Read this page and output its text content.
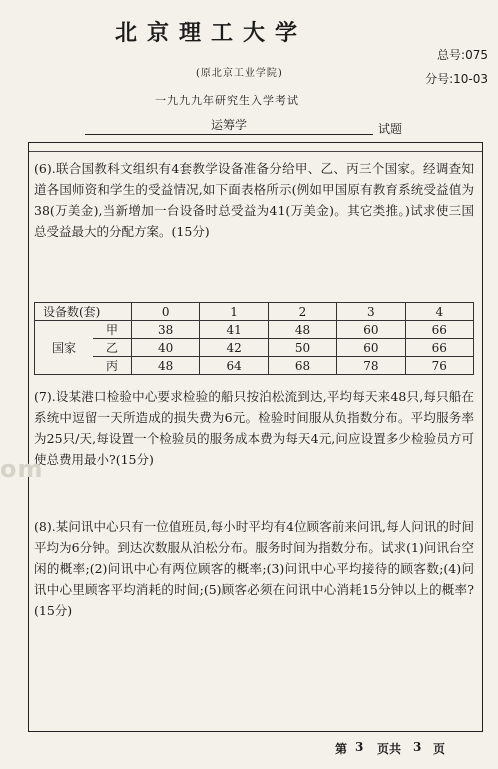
北京理工大学
(原北京工业学院)
总号:075
分号:10-03
一九九九年研究生入学考试
运筹学	试题
(6).联合国教科文组织有4套教学设备准备分给甲、乙、丙三个国家。经调查知道各国师资和学生的受益情况,如下面表格所示(例如甲国原有教育系统受益值为38(万美金),当新增加一台设备时总受益为41(万美金)。其它类推。)试求使三国总受益最大的分配方案。(15分)
设备数(套)		0	1	2	3	4
国家	甲	38	41	48	60	66
	乙	40	42	50	60	66
	丙	48	64	68	78	76
(7).设某港口检验中心要求检验的船只按泊松流到达,平均每天来48只,每只船在系统中逗留一天所造成的损失费为6元。检验时间服从负指数分布。平均服务率为25只/天,每设置一个检验员的服务成本费为每天4元,问应设置多少检验员方可使总费用最小?(15分)
(8).某问讯中心只有一位值班员,每小时平均有4位顾客前来问讯,每人问讯的时间平均为6分钟。到达次数服从泊松分布。服务时间为指数分布。试求(1)问讯台空闲的概率;(2)问讯中心有两位顾客的概率;(3)问讯中心平均接待的顾客数;(4)问讯中心里顾客平均消耗的时间;(5)顾客必须在问讯中心消耗15分钟以上的概率?(15分)
om
第 3 页共 3 页
